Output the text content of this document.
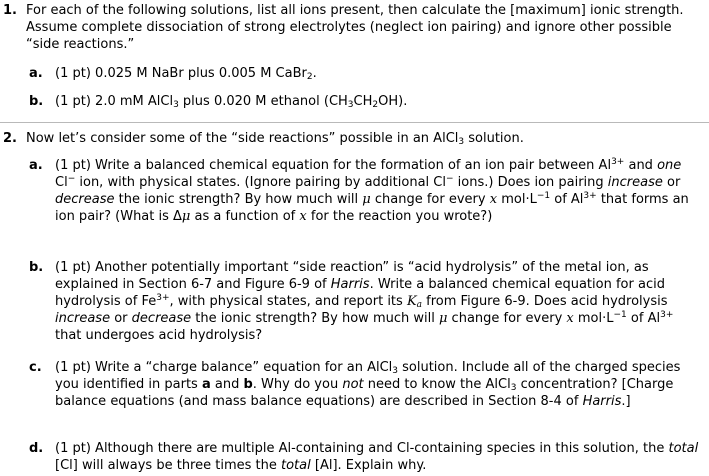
1. For each of the following solutions, list all ions present, then calculate the [maximum] ionic strength. Assume complete dissociation of strong electrolytes (neglect ion pairing) and ignore other possible “side reactions.”
a. (1 pt) 0.025 M NaBr plus 0.005 M CaBr$_2$.
b. (1 pt) 2.0 mM AlCl$_3$ plus 0.020 M ethanol $(CH_3CH_2OH)$.
2. Now let’s consider some of the “side reactions” possible in an AlCl$_3$ solution.
a. (1 pt) Write a balanced chemical equation for the formation of an ion pair between $Al^{3+}$ and one Cl− ion, with physical states. (Ignore pairing by additional Cl− ions.) Does ion pairing increase or decrease the ionic strength? By how much will μ change for every x $mol\cdot L^{-1}$ of $Al^{3+}$ that forms an ion pair? (What is Δμ as a function of x for the reaction you wrote?)
b. (1 pt) Another potentially important “side reaction” is “acid hydrolysis” of the metal ion, as explained in Section 6-7 and Figure 6-9 of Harris. Write a balanced chemical equation for acid hydrolysis of $Fe^{3+}$, with physical states, and report its $K_a$ from Figure 6-9. Does acid hydrolysis increase or decrease the ionic strength? By how much will μ change for every x $mol\cdot L^{-1}$ of $Al^{3+}$ that undergoes acid hydrolysis?
c. (1 pt) Write a “charge balance” equation for an AlCl$_3$ solution. Include all of the charged species you identified in parts a and b. Why do you not need to know the AlCl$_3$ concentration? [Charge balance equations (and mass balance equations) are described in Section 8-4 of Harris.]
d. (1 pt) Although there are multiple Al-containing and Cl-containing species in this solution, the total [Cl] will always be three times the total [Al]. Explain why.
